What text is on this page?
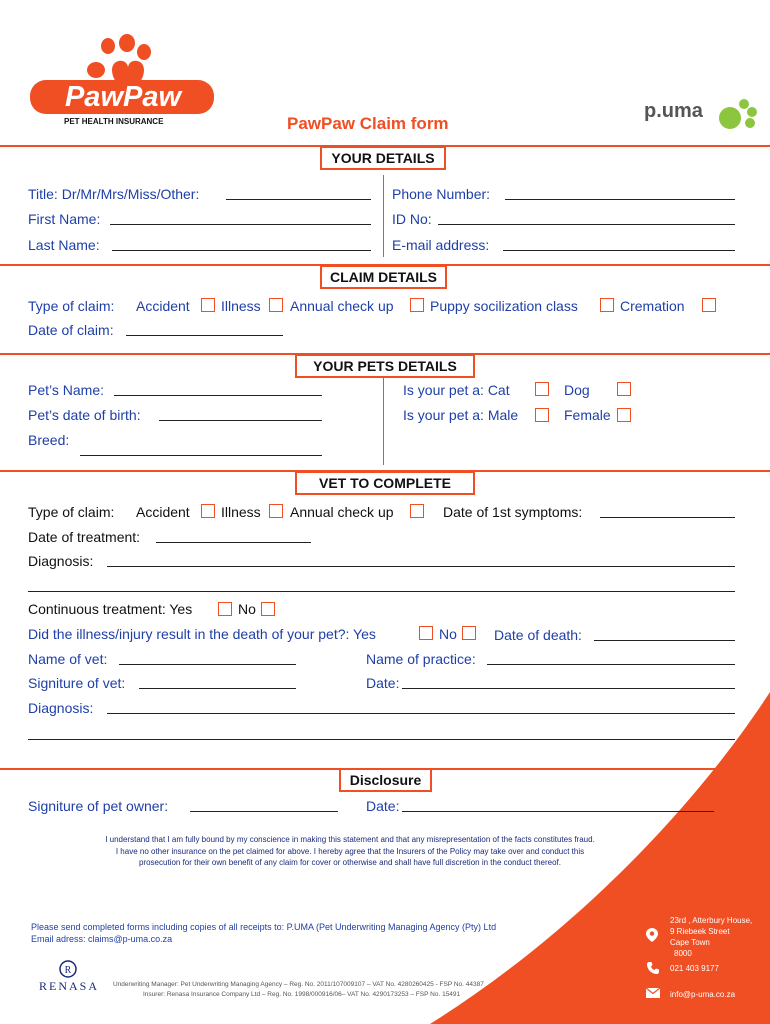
PawPaw
PET HEALTH INSURANCE	PawPaw Claim form
p.uma
YOUR DETAILS
Title: Dr/Mr/Mrs/Miss/Other:
First Name:
Last Name:
Phone Number:
ID No:
E-mail address:
CLAIM DETAILS
Type of claim: Accident Illness Annual check up	Puppy socilization class	Cremation
Date of claim:
YOUR PETS DETAILS
Pet’s Name:
Pet’s date of birth:
Breed:
Is your pet a: Cat	Dog
Is your pet a: Male	Female
VET TO COMPLETE
Type of claim: Accident Illness Annual check up	Date of 1st symptoms:
Date of treatment:
Diagnosis:
Continuous treatment: Yes	No
Did the illness/injury result in the death of your pet?: Yes	No	Date of death:
Name of vet:	Name of practice:
Signiture of vet:	Date:
Diagnosis:
Disclosure
Signiture of pet owner:	Date:
I understand that I am fully bound by my conscience in making this statement and that any misrepresentation of the facts constitutes fraud.
I have no other insurance on the pet claimed for above. I hereby agree that the Insurers of the Policy may take over and conduct this
prosecution for their own benefit of any claim for cover or otherwise and shall have full discretion in the conduct thereof.
Please send completed forms including copies of all receipts to: P.UMA (Pet Underwriting Managing Agency (Pty) Ltd
Email adress: claims@p-uma.co.za
R
RENASA	Underwriting Manager: Pet Underwriting Managing Agency – Reg. No. 2011/107009107 – VAT No. 4280260425 - FSP No. 44387
Insurer: Renasa Insurance Company Ltd – Reg. No. 1998/000916/06– VAT No. 4290173253 – FSP No. 15491
23rd , Atterbury House,
9 Riebeek Street
Cape Town
8000
021 403 9177
info@p-uma.co.za
